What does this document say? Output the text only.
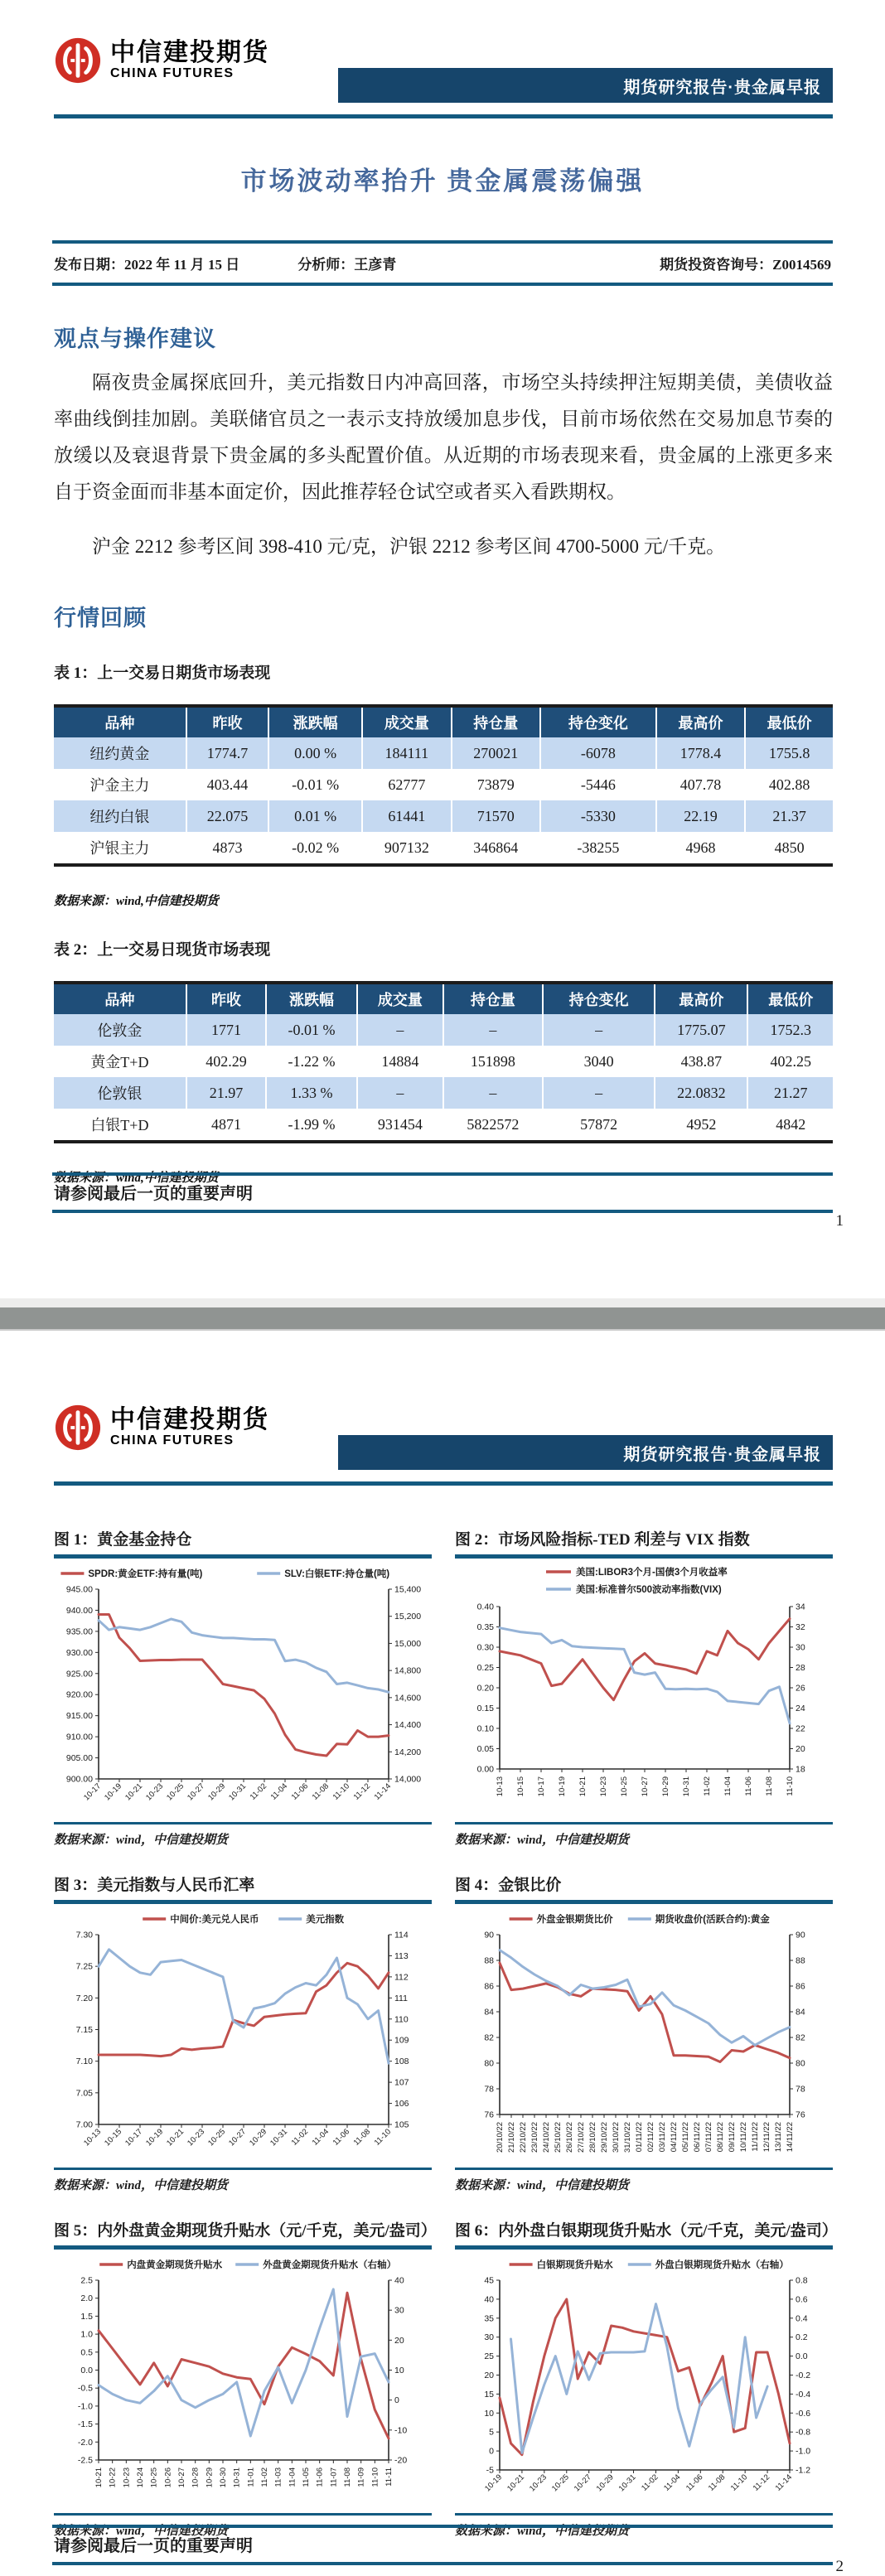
中信建投期货
CHINA FUTURES
期货研究报告·贵金属早报
市场波动率抬升 贵金属震荡偏强
发布日期：2022 年 11 月 15 日	分析师：王彦青	期货投资咨询号：Z0014569
观点与操作建议

隔夜贵金属探底回升，美元指数日内冲高回落，市场空头持续押注短期美债，美债收益率曲线倒挂加剧。美联储官员之一表示支持放缓加息步伐，目前市场依然在交易加息节奏的放缓以及衰退背景下贵金属的多头配置价值。从近期的市场表现来看，贵金属的上涨更多来自于资金面而非基本面定价，因此推荐轻仓试空或者买入看跌期权。

沪金 2212 参考区间 398-410 元/克，沪银 2212 参考区间 4700-5000 元/千克。

行情回顾
表 1：上一交易日期货市场表现
品种	昨收	涨跌幅	成交量	持仓量	持仓变化	最高价	最低价
纽约黄金	1774.7	0.00 %	184111	270021	-6078	1778.4	1755.8
沪金主力	403.44	-0.01 %	62777	73879	-5446	407.78	402.88
纽约白银	22.075	0.01 %	61441	71570	-5330	22.19	21.37
沪银主力	4873	-0.02 %	907132	346864	-38255	4968	4850
数据来源：wind,中信建投期货
表 2：上一交易日现货市场表现
品种	昨收	涨跌幅	成交量	持仓量	持仓变化	最高价	最低价
伦敦金	1771	-0.01 %	–	–	–	1775.07	1752.3
黄金T+D	402.29	-1.22 %	14884	151898	3040	438.87	402.25
伦敦银	21.97	1.33 %	–	–	–	22.0832	21.27
白银T+D	4871	-1.99 %	931454	5822572	57872	4952	4842
数据来源：wind,中信建投期货
请参阅最后一页的重要声明
1
中信建投期货
CHINA FUTURES
期货研究报告·贵金属早报
图 1：黄金基金持仓
SPDR:黄金ETF:持有量(吨)	SLV:白银ETF:持仓量(吨)
945.00
940.00
935.00
930.00
925.00
920.00
915.00
910.00
905.00
900.00
15,400
15,200
15,000
14,800
14,600
14,400
14,200
14,000
10-17 10-19 10-21 10-23 10-25 10-27 10-29 10-31 11-02 11-04 11-06 11-08 11-10 11-12 11-14
数据来源：wind，中信建投期货
图 2：市场风险指标-TED 利差与 VIX 指数
美国:LIBOR3个月-国债3个月收益率
美国:标准普尔500波动率指数(VIX)
0.40
0.35
0.30
0.25
0.20
0.15
0.10
0.05
0.00
34
32
30
28
26
24
22
20
18
10-13 10-15 10-17 10-19 10-21 10-23 10-25 10-27 10-29 10-31 11-02 11-04 11-06 11-08 11-10
数据来源：wind，中信建投期货
图 3：美元指数与人民币汇率
中间价:美元兑人民币	美元指数
7.30
7.25
7.20
7.15
7.10
7.05
7.00
114
113
112
111
110
109
108
107
106
105
10-13 10-15 10-17 10-19 10-21 10-23 10-25 10-27 10-29 10-31 11-02 11-04 11-06 11-08 11-10
数据来源：wind，中信建投期货
图 4：金银比价
外盘金银期货比价	期货收盘价(活跃合约):黄金
90
88
86
84
82
80
78
76
90
88
86
84
82
80
78
76
20/10/22 21/10/22 22/10/22 23/10/22 24/10/22 25/10/22 26/10/22 27/10/22 28/10/22 29/10/22 30/10/22 31/10/22 01/11/22 02/11/22 03/11/22 04/11/22 05/11/22 06/11/22 07/11/22 08/11/22 09/11/22 10/11/22 11/11/22 12/11/22 13/11/22 14/11/22
数据来源：wind，中信建投期货
图 5：内外盘黄金期现货升贴水（元/千克，美元/盎司）
内盘黄金期现货升贴水	外盘黄金期现货升贴水（右轴）
2.5
2.0
1.5
1.0
0.5
0.0
-0.5
-1.0
-1.5
-2.0
-2.5
40
30
20
10
0
-10
-20
10-21 10-22 10-23 10-24 10-25 10-26 10-27 10-28 10-29 10-30 10-31 11-01 11-02 11-03 11-04 11-05 11-06 11-07 11-08 11-09 11-10 11-11
数据来源：wind，中信建投期货
图 6：内外盘白银期现货升贴水（元/千克，美元/盎司）
白银期现货升贴水	外盘白银期现货升贴水（右轴）
45
40
35
30
25
20
15
10
5
0
-5
0.8
0.6
0.4
0.2
0.0
-0.2
-0.4
-0.6
-0.8
-1.0
-1.2
10-19 10-21 10-23 10-25 10-27 10-29 10-31 11-02 11-04 11-06 11-08 11-10 11-12 11-14
数据来源：wind，中信建投期货
请参阅最后一页的重要声明
2
